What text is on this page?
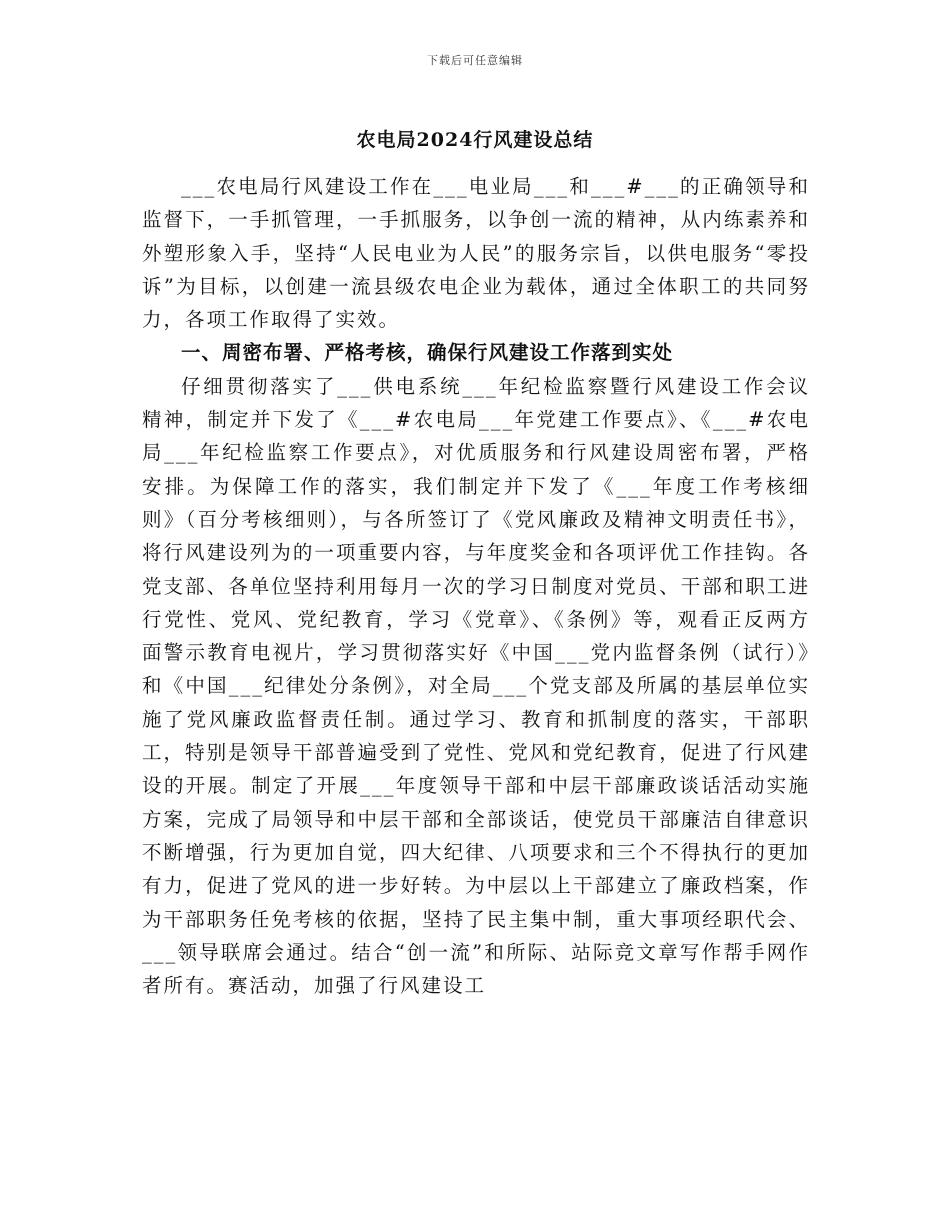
下载后可任意编辑
农电局2024行风建设总结

___农电局行风建设工作在___电业局___和___#___的正确领导和监督下，一手抓管理，一手抓服务，以争创一流的精神，从内练素养和外塑形象入手，坚持“人民电业为人民”的服务宗旨，以供电服务“零投诉”为目标，以创建一流县级农电企业为载体，通过全体职工的共同努力，各项工作取得了实效。

一、周密布署、严格考核，确保行风建设工作落到实处

仔细贯彻落实了___供电系统___年纪检监察暨行风建设工作会议精神，制定并下发了《___#农电局___年党建工作要点》、《___#农电局___年纪检监察工作要点》，对优质服务和行风建设周密布署，严格安排。为保障工作的落实，我们制定并下发了《___年度工作考核细则》（百分考核细则），与各所签订了《党风廉政及精神文明责任书》，将行风建设列为的一项重要内容，与年度奖金和各项评优工作挂钩。各党支部、各单位坚持利用每月一次的学习日制度对党员、干部和职工进行党性、党风、党纪教育，学习《党章》、《条例》等，观看正反两方面警示教育电视片，学习贯彻落实好《中国___党内监督条例（试行）》和《中国___纪律处分条例》，对全局___个党支部及所属的基层单位实施了党风廉政监督责任制。通过学习、教育和抓制度的落实，干部职工，特别是领导干部普遍受到了党性、党风和党纪教育，促进了行风建设的开展。制定了开展___年度领导干部和中层干部廉政谈话活动实施方案，完成了局领导和中层干部和全部谈话，使党员干部廉洁自律意识不断增强，行为更加自觉，四大纪律、八项要求和三个不得执行的更加有力，促进了党风的进一步好转。为中层以上干部建立了廉政档案，作为干部职务任免考核的依据，坚持了民主集中制，重大事项经职代会、___领导联席会通过。结合“创一流”和所际、站际竞文章写作帮手网作者所有。赛活动，加强了行风建设工
